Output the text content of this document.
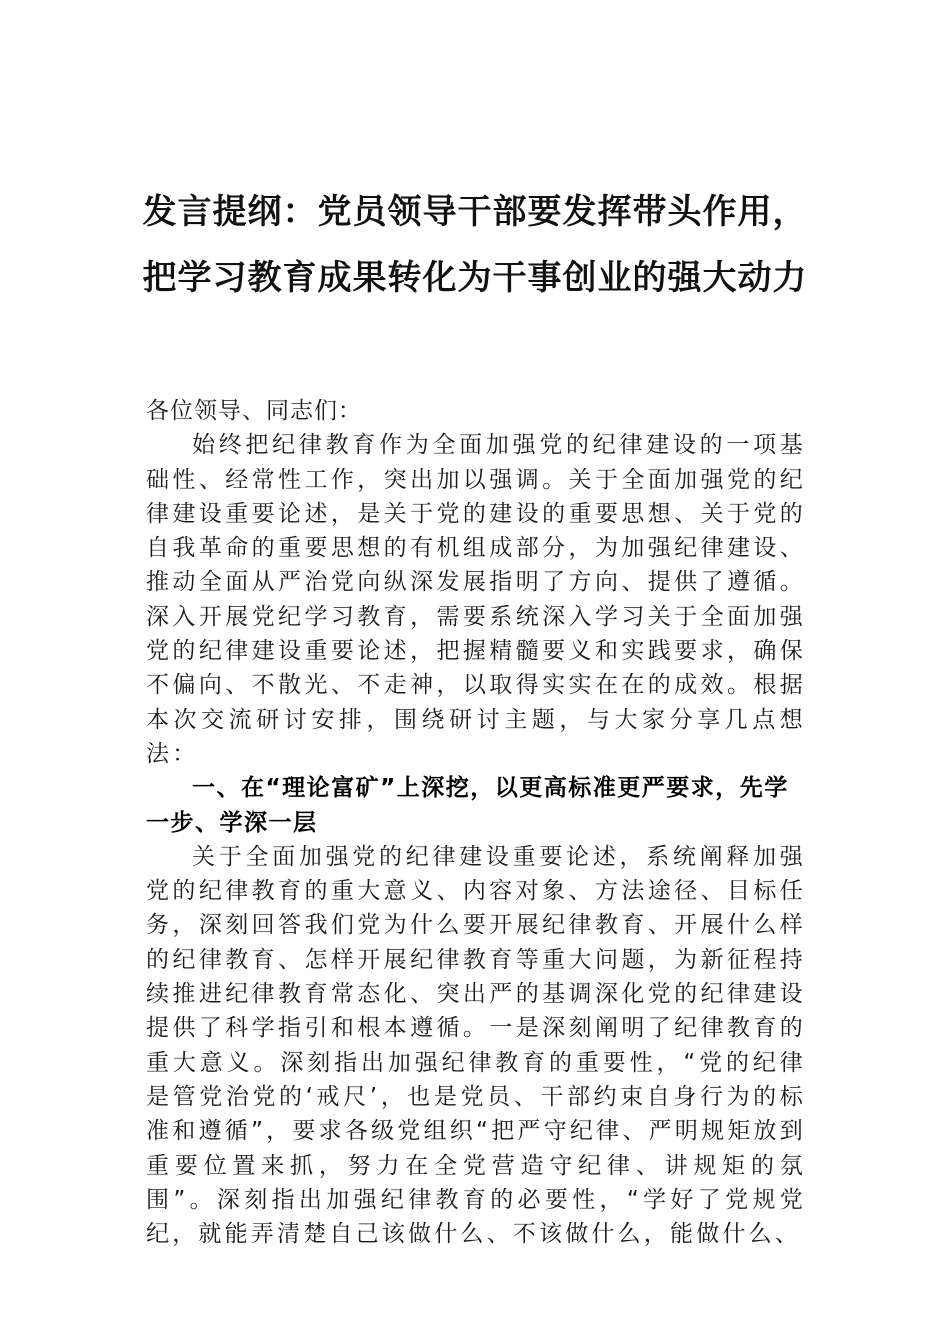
发言提纲：党员领导干部要发挥带头作用，把学习教育成果转化为干事创业的强大动力

各位领导、同志们：

始终把纪律教育作为全面加强党的纪律建设的一项基础性、经常性工作，突出加以强调。关于全面加强党的纪律建设重要论述，是关于党的建设的重要思想、关于党的自我革命的重要思想的有机组成部分，为加强纪律建设、推动全面从严治党向纵深发展指明了方向、提供了遵循。深入开展党纪学习教育，需要系统深入学习关于全面加强党的纪律建设重要论述，把握精髓要义和实践要求，确保不偏向、不散光、不走神，以取得实实在在的成效。根据本次交流研讨安排，围绕研讨主题，与大家分享几点想法：

一、在“理论富矿”上深挖，以更高标准更严要求，先学一步、学深一层

关于全面加强党的纪律建设重要论述，系统阐释加强党的纪律教育的重大意义、内容对象、方法途径、目标任务，深刻回答我们党为什么要开展纪律教育、开展什么样的纪律教育、怎样开展纪律教育等重大问题，为新征程持续推进纪律教育常态化、突出严的基调深化党的纪律建设提供了科学指引和根本遵循。一是深刻阐明了纪律教育的重大意义。深刻指出加强纪律教育的重要性，“党的纪律是管党治党的‘戒尺’，也是党员、干部约束自身行为的标准和遵循”，要求各级党组织“把严守纪律、严明规矩放到重要位置来抓，努力在全党营造守纪律、讲规矩的氛围”。深刻指出加强纪律教育的必要性，“学好了党规党纪，就能弄清楚自己该做什么、不该做什么，能做什么、
